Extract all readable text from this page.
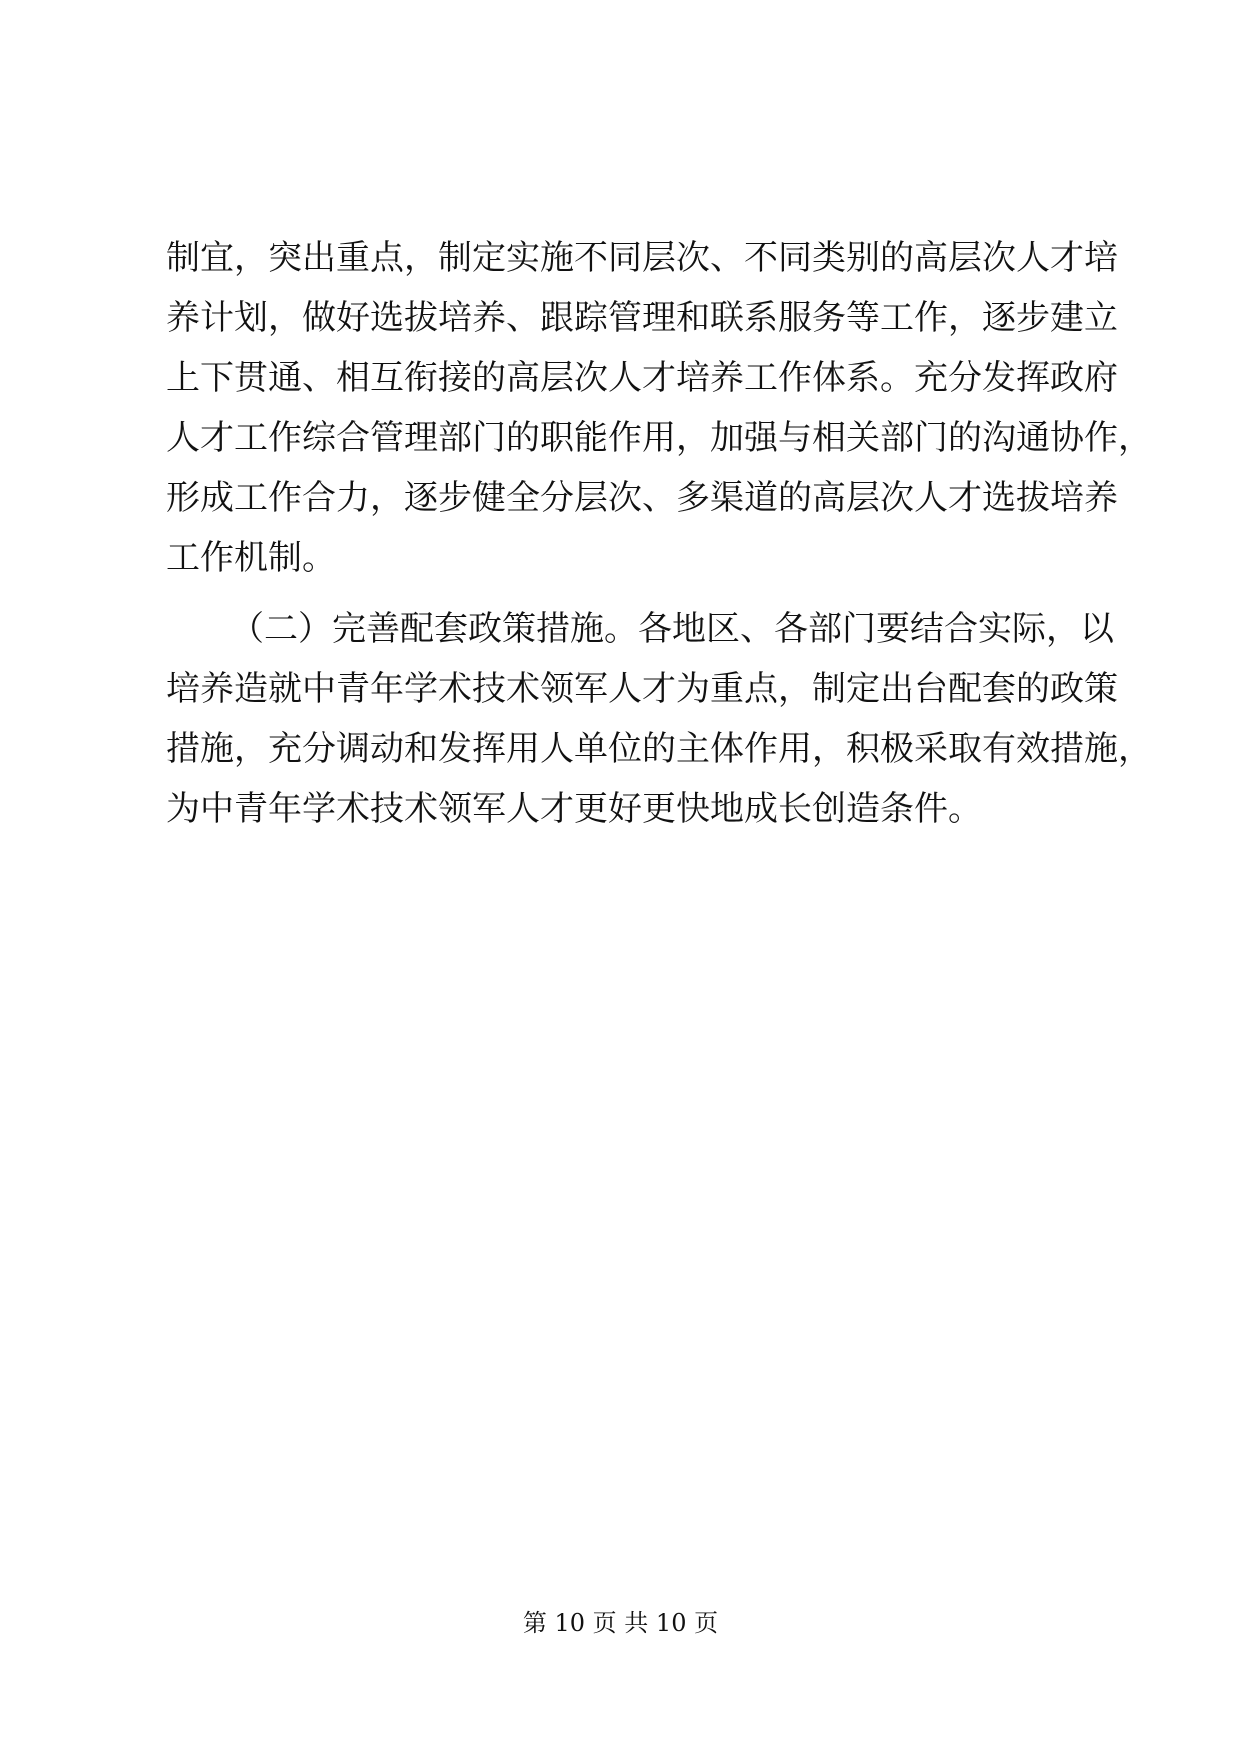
制宜，突出重点，制定实施不同层次、不同类别的高层次人才培
养计划，做好选拔培养、跟踪管理和联系服务等工作，逐步建立
上下贯通、相互衔接的高层次人才培养工作体系。充分发挥政府
人才工作综合管理部门的职能作用，加强与相关部门的沟通协作，
形成工作合力，逐步健全分层次、多渠道的高层次人才选拔培养
工作机制。
（二）完善配套政策措施。各地区、各部门要结合实际，以
培养造就中青年学术技术领军人才为重点，制定出台配套的政策
措施，充分调动和发挥用人单位的主体作用，积极采取有效措施，
为中青年学术技术领军人才更好更快地成长创造条件。
第 10 页 共 10 页
